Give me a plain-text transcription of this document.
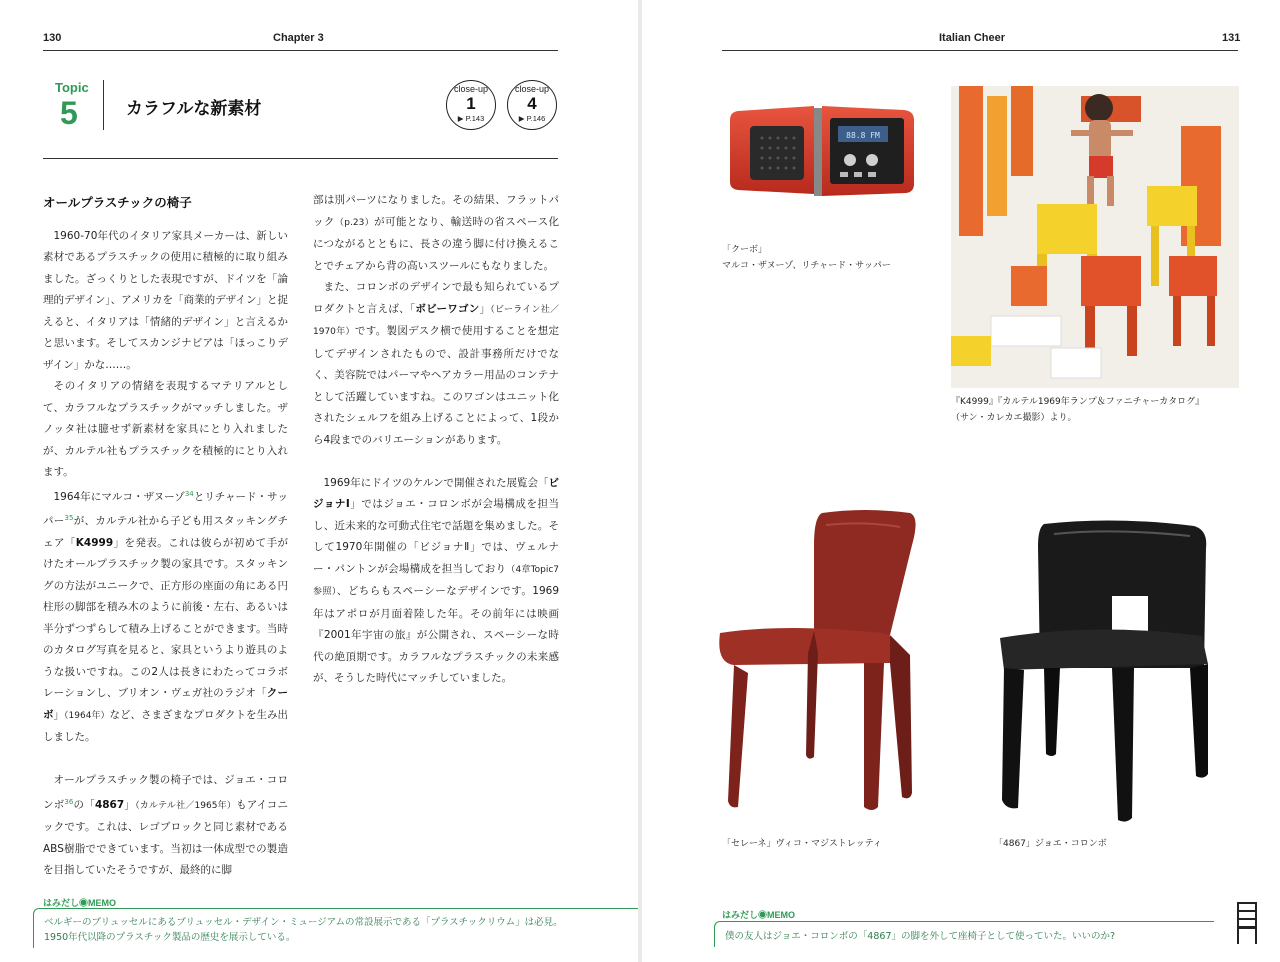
130	Chapter 3
Topic
5	カラフルな新素材
close-up
1
▶ P.143
close-up
4
▶ P.146
オールプラスチックの椅子

1960-70年代のイタリア家具メーカーは、新しい素材であるプラスチックの使用に積極的に取り組みました。ざっくりとした表現ですが、ドイツを「論理的デザイン」、アメリカを「商業的デザイン」と捉えると、イタリアは「情緒的デザイン」と言えるかと思います。そしてスカンジナビアは「ほっこりデザイン」かな……。

そのイタリアの情緒を表現するマテリアルとして、カラフルなプラスチックがマッチしました。ザノッタ社は臆せず新素材を家具にとり入れましたが、カルテル社もプラスチックを積極的にとり入れます。

1964年にマルコ・ザヌーゾ$^{34}$とリチャード・サッパー$^{35}$が、カルテル社から子ども用スタッキングチェア「K4999」を発表。これは彼らが初めて手がけたオールプラスチック製の家具です。スタッキングの方法がユニークで、正方形の座面の角にある円柱形の脚部を積み木のように前後・左右、あるいは半分ずつずらして積み上げることができます。当時のカタログ写真を見ると、家具というより遊具のような扱いですね。この2人は長きにわたってコラボレーションし、ブリオン・ヴェガ社のラジオ「クーボ」（1964年）など、さまざまなプロダクトを生み出しました。

オールプラスチック製の椅子では、ジョエ・コロンボ$^{36}$の「4867」（カルテル社／1965年）もアイコニックです。これは、レゴブロックと同じ素材であるABS樹脂でできています。当初は一体成型での製造を目指していたそうですが、最終的に脚

部は別パーツになりました。その結果、フラットパック（p.23）が可能となり、輸送時の省スペース化につながるとともに、長さの違う脚に付け換えることでチェアから背の高いスツールにもなりました。

また、コロンボのデザインで最も知られているプロダクトと言えば、「ボビーワゴン」（ビーライン社／1970年）です。製図デスク横で使用することを想定してデザインされたもので、設計事務所だけでなく、美容院ではパーマやヘアカラー用品のコンテナとして活躍していますね。このワゴンはユニット化されたシェルフを組み上げることによって、1段から4段までのバリエーションがあります。

1969年にドイツのケルンで開催された展覧会「ビジョナⅠ」ではジョエ・コロンボが会場構成を担当し、近未来的な可動式住宅で話題を集めました。そして1970年開催の「ビジョナⅡ」では、ヴェルナー・パントンが会場構成を担当しており（4章Topic7参照）、どちらもスペーシーなデザインです。1969年はアポロが月面着陸した年。その前年には映画『2001年宇宙の旅』が公開され、スペーシーな時代の絶頂期です。カラフルなプラスチックの未来感が、そうした時代にマッチしていました。

はみだし◉MEMO
ベルギーのブリュッセルにあるブリュッセル・デザイン・ミュージアムの常設展示である「プラスチックリウム」は必見。
1950年代以降のプラスチック製品の歴史を展示している。
Italian Cheer	131
88.8 FM
「クーボ」
マルコ・ザヌーゾ、リチャード・サッパー
『K4999』『カルテル1969年ランプ＆ファニチャーカタログ』
（サン・カレカエ撮影）より。
「セレーネ」ヴィコ・マジストレッティ	「4867」ジョエ・コロンボ
はみだし◉MEMO
僕の友人はジョエ・コロンボの「4867」の脚を外して座椅子として使っていた。いいのか?
